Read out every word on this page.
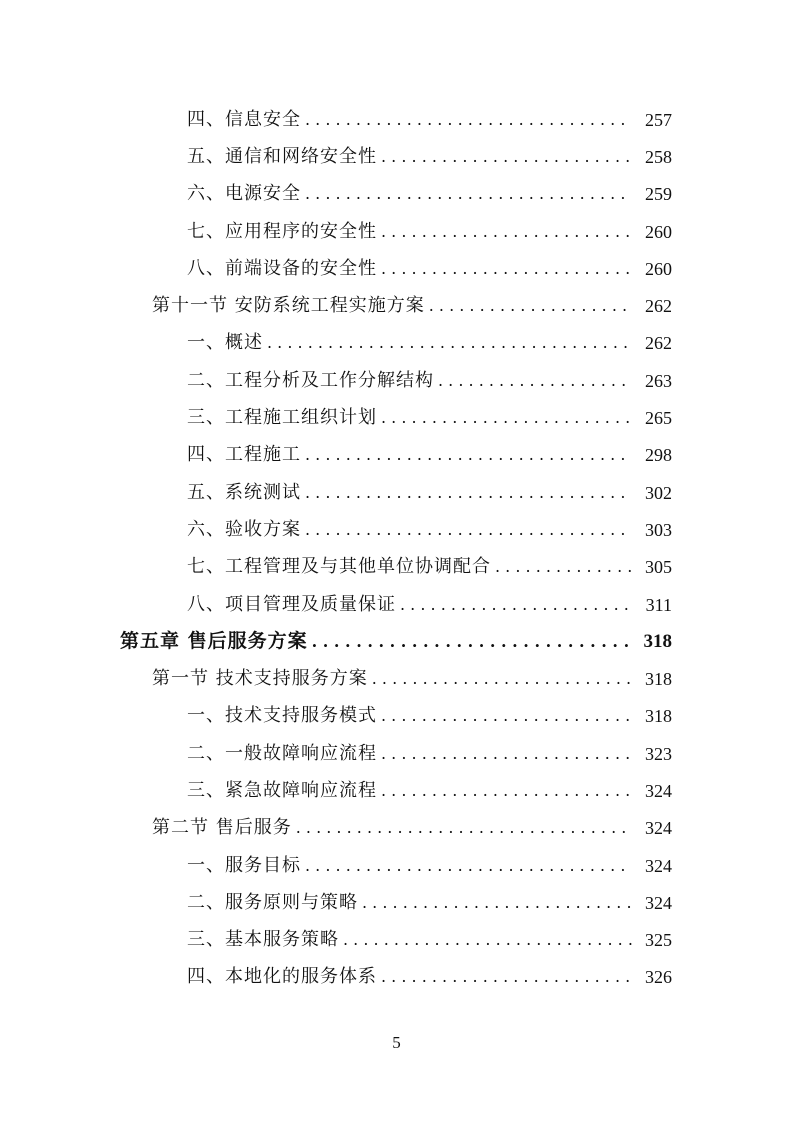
四、信息安全 . . .	257
五、通信和网络安全性 . . .	258
六、电源安全 . . .	259
七、应用程序的安全性 . . .	260
八、前端设备的安全性 . . .	260
第十一节 安防系统工程实施方案 . . .	262
一、概述 . . .	262
二、工程分析及工作分解结构 . . .	263
三、工程施工组织计划 . . .	265
四、工程施工 . . .	298
五、系统测试 . . .	302
六、验收方案 . . .	303
七、工程管理及与其他单位协调配合 . . .	305
八、项目管理及质量保证 . . .	311
第五章 售后服务方案 . . .	318
第一节 技术支持服务方案 . . .	318
一、技术支持服务模式 . . .	318
二、一般故障响应流程 . . .	323
三、紧急故障响应流程 . . .	324
第二节 售后服务 . . .	324
一、服务目标 . . .	324
二、服务原则与策略 . . .	324
三、基本服务策略 . . .	325
四、本地化的服务体系 . . .	326
5
